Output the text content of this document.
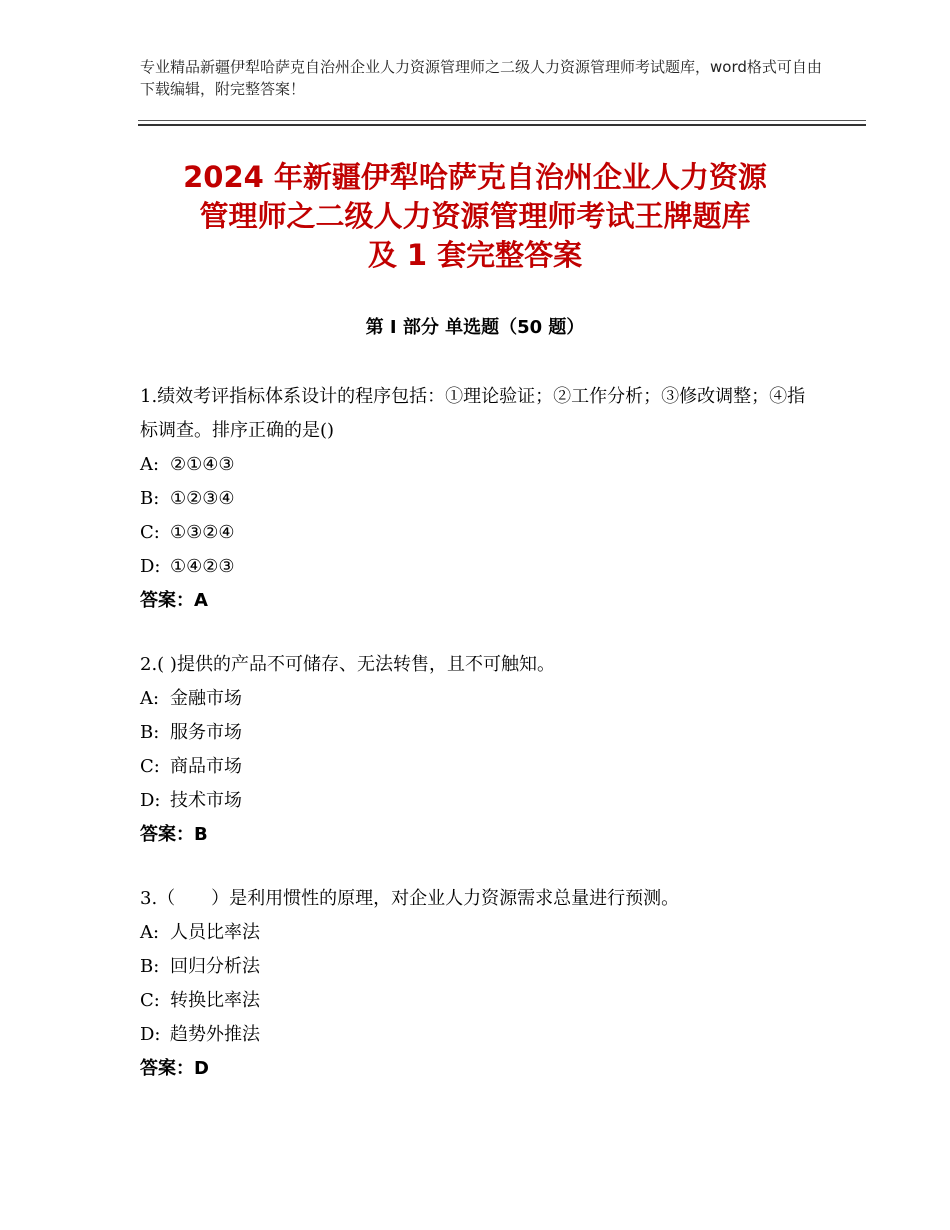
专业精品新疆伊犁哈萨克自治州企业人力资源管理师之二级人力资源管理师考试题库，word格式可自由下载编辑，附完整答案！
2024 年新疆伊犁哈萨克自治州企业人力资源
管理师之二级人力资源管理师考试王牌题库
及 1 套完整答案
第 I 部分 单选题（50 题）

1.绩效考评指标体系设计的程序包括：①理论验证；②工作分析；③修改调整；④指标调查。排序正确的是()

A: ②①④③

B: ①②③④

C: ①③②④

D: ①④②③

答案：A

2.( )提供的产品不可储存、无法转售，且不可触知。

A: 金融市场

B: 服务市场

C: 商品市场

D: 技术市场

答案：B

3.（　　）是利用惯性的原理，对企业人力资源需求总量进行预测。

A: 人员比率法

B: 回归分析法

C: 转换比率法

D: 趋势外推法

答案：D
